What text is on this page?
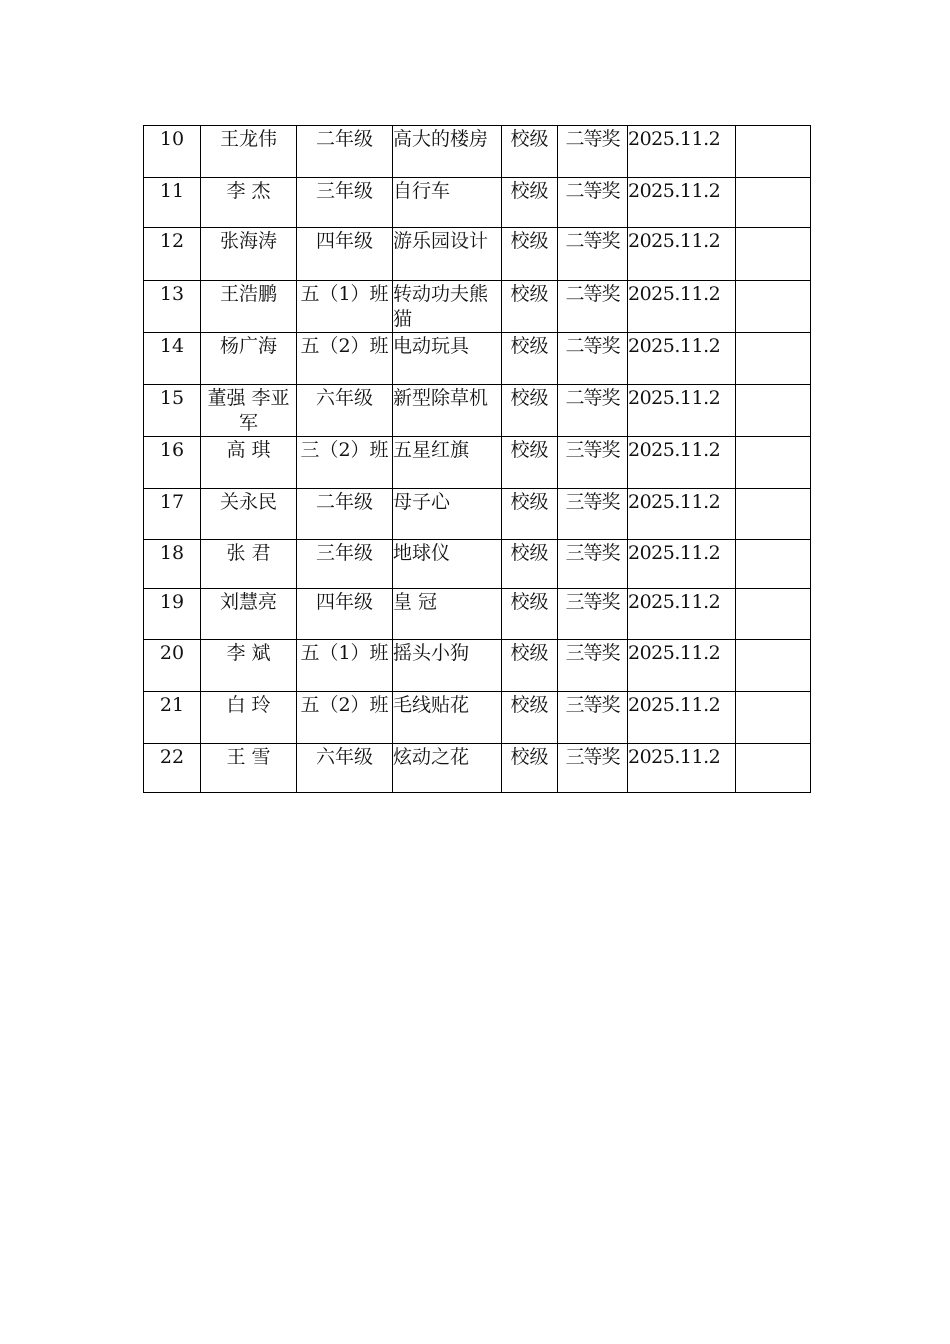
10	王龙伟	二年级	高大的楼房	校级	二等奖	2025.11.2	

11	李 杰	三年级	自行车	校级	二等奖	2025.11.2	

12	张海涛	四年级	游乐园设计	校级	二等奖	2025.11.2	

13	王浩鹏	五（1）班	转动功夫熊猫	校级	二等奖	2025.11.2	

14	杨广海	五（2）班	电动玩具	校级	二等奖	2025.11.2	

15	董强 李亚军	六年级	新型除草机	校级	二等奖	2025.11.2	

16	高 琪	三（2）班	五星红旗	校级	三等奖	2025.11.2	

17	关永民	二年级	母子心	校级	三等奖	2025.11.2	

18	张 君	三年级	地球仪	校级	三等奖	2025.11.2	

19	刘慧亮	四年级	皇 冠	校级	三等奖	2025.11.2	

20	李 斌	五（1）班	摇头小狗	校级	三等奖	2025.11.2	

21	白 玲	五（2）班	毛线贴花	校级	三等奖	2025.11.2	

22	王 雪	六年级	炫动之花	校级	三等奖	2025.11.2	
